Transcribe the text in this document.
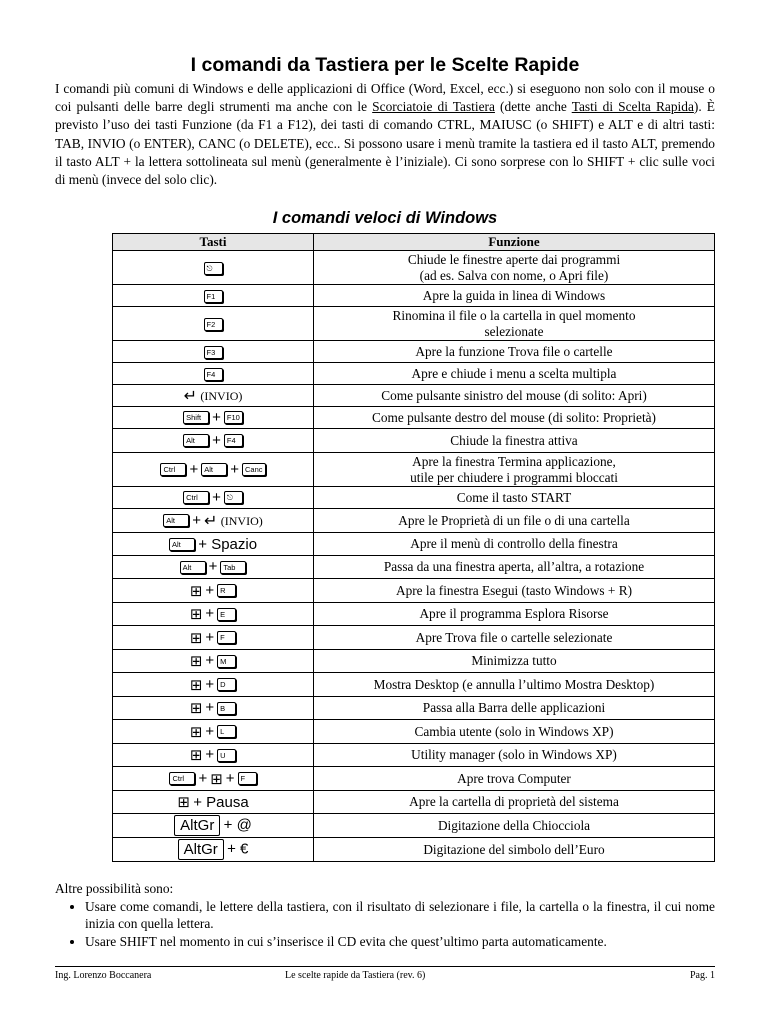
I comandi da Tastiera per le Scelte Rapide

I comandi più comuni di Windows e delle applicazioni di Office (Word, Excel, ecc.) si eseguono non solo con il mouse o coi pulsanti delle barre degli strumenti ma anche con le Scorciatoie di Tastiera (dette anche Tasti di Scelta Rapida). È previsto l’uso dei tasti Funzione (da F1 a F12), dei tasti di comando CTRL, MAIUSC (o SHIFT) e ALT e di altri tasti: TAB, INVIO (o ENTER), CANC (o DELETE), ecc.. Si possono usare i menù tramite la tastiera ed il tasto ALT, premendo il tasto ALT + la lettera sottolineata sul menù (generalmente è l’iniziale). Ci sono sorprese con lo SHIFT + clic sulle voci di menù (invece del solo clic).

I comandi veloci di Windows
Tasti	Funzione
⎋	Chiude le finestre aperte dai programmi
(ad es. Salva con nome, o Apri file)
F1	Apre la guida in linea di Windows
F2	Rinomina il file o la cartella in quel momento
selezionate
F3	Apre la funzione Trova file o cartelle
F4	Apre e chiude i menu a scelta multipla
↵ (INVIO)	Come pulsante sinistro del mouse (di solito: Apri)
Shift + F10	Come pulsante destro del mouse (di solito: Proprietà)
Alt + F4	Chiude la finestra attiva
Ctrl + Alt + Canc	Apre la finestra Termina applicazione,
utile per chiudere i programmi bloccati
Ctrl + ⎋	Come il tasto START
Alt + ↵ (INVIO)	Apre le Proprietà di un file o di una cartella
Alt + Spazio	Apre il menù di controllo della finestra
Alt + Tab	Passa da una finestra aperta, all’altra, a rotazione
⊞ + R	Apre la finestra Esegui (tasto Windows + R)
⊞ + E	Apre il programma Esplora Risorse
⊞ + F	Apre Trova file o cartelle selezionate
⊞ + M	Minimizza tutto
⊞ + D	Mostra Desktop (e annulla l’ultimo Mostra Desktop)
⊞ + B	Passa alla Barra delle applicazioni
⊞ + L	Cambia utente (solo in Windows XP)
⊞ + U	Utility manager (solo in Windows XP)
Ctrl + ⊞ + F	Apre trova Computer
⊞ + Pausa	Apre la cartella di proprietà del sistema
AltGr + @	Digitazione della Chiocciola
AltGr + €	Digitazione del simbolo dell’Euro
Altre possibilità sono:
• Usare come comandi, le lettere della tastiera, con il risultato di selezionare i file, la cartella o la finestra, il cui nome inizia con quella lettera.
• Usare SHIFT nel momento in cui s’inserisce il CD evita che quest’ultimo parta automaticamente.
Ing. Lorenzo Boccanera	Le scelte rapide da Tastiera (rev. 6)	Pag. 1
